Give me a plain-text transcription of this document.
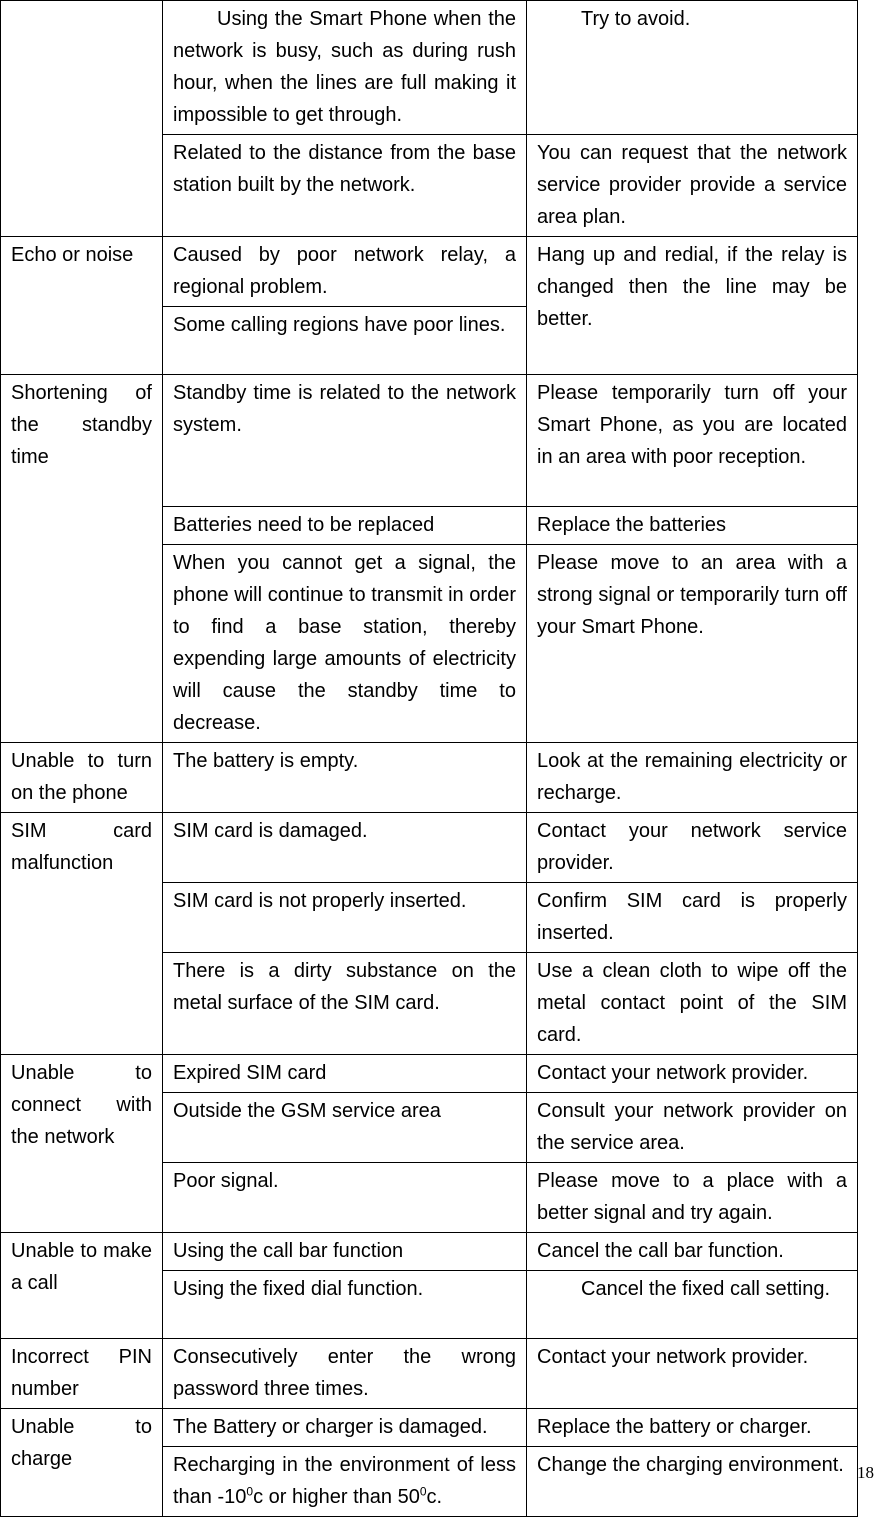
	Using the Smart Phone when the network is busy, such as during rush hour, when the lines are full making it impossible to get through.	Try to avoid.

	Related to the distance from the base station built by the network.	You can request that the network service provider provide a service area plan.
Echo or noise	Caused by poor network relay, a regional problem.	Hang up and redial, if the relay is changed then the line may be better.
	Some calling regions have poor lines.	
Shortening of the standby time	Standby time is related to the network system.	Please temporarily turn off your Smart Phone, as you are located in an area with poor reception.
	Batteries need to be replaced	Replace the batteries
	When you cannot get a signal, the phone will continue to transmit in order to find a base station, thereby expending large amounts of electricity will cause the standby time to decrease.	Please move to an area with a strong signal or temporarily turn off your Smart Phone.
Unable to turn on the phone	The battery is empty.	Look at the remaining electricity or recharge.
SIM card malfunction	SIM card is damaged.	Contact your network service provider.
	SIM card is not properly inserted.	Confirm SIM card is properly inserted.
	There is a dirty substance on the metal surface of the SIM card.	Use a clean cloth to wipe off the metal contact point of the SIM card.
Unable to connect with the network	Expired SIM card	Contact your network provider.
	Outside the GSM service area	Consult your network provider on the service area.
	Poor signal.	Please move to a place with a better signal and try again.
Unable to make a call	Using the call bar function	Cancel the call bar function.
	Using the fixed dial function.	Cancel the fixed call setting.

Incorrect PIN number	Consecutively enter the wrong password three times.	Contact your network provider.
Unable to charge	The Battery or charger is damaged.	Replace the battery or charger.
	Recharging in the environment of less than $-10^0c$ or higher than $50^0c$.	Change the charging environment. 18
